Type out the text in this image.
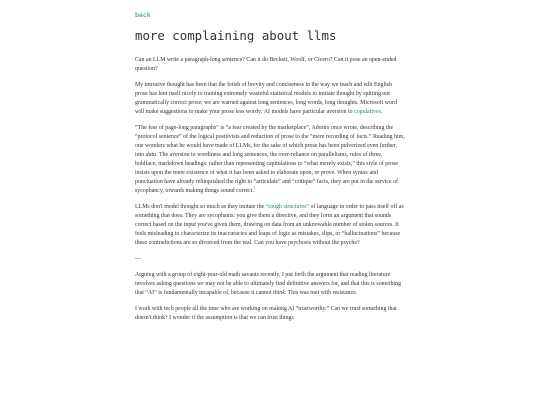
back
more complaining about llms

Can an LLM write a paragraph-long sentence? Can it do Beckett, Woolf, or Cicero? Can it pose an open-ended question?

My intrusive thought has been that the fetish of brevity and conciseness in the way we teach and edit English prose has lent itself nicely to training extremely wasteful statistical models to imitate thought by spitting out grammatically correct prose; we are warned against long sentences, long words, long thoughts. Microsoft word will make suggestions to make your prose less wordy; AI models have particular aversion to copulatives.

“The fear of page-long paragraphs” is “a fear created by the marketplace”, Adorno once wrote, describing the “protocol sentence” of the logical positivists and reduction of prose to the “mere recording of facts.” Reading him, one wonders what he would have made of LLMs, for the sake of which prose has been pulverized even further, into data. The aversion to wordiness and long sentences, the over-reliance on parallelisms, rules of three, boldface, markdown headings: rather than representing capitulations to “what merely exists,” this style of prose insists upon the mere existence of what it has been asked to elaborate upon, or prove. When syntax and punctuation have already relinquished the right to “articulate” and “critique” facts, they are put in the service of sycophancy, towards making things sound correct.$^1$

LLMs don't model thought so much as they imitate the “rough structures” of language in order to pass itself off as something that does. They are sycophants: you give them a directive, and they form an argument that sounds correct based on the input you've given them, drawing on data from an unknowable number of stolen sources. It feels misleading to characterize its inaccuracies and leaps of logic as mistakes, slips, or “hallucinations” because these contradictions are so divorced from the real. Can you have psychosis without the psyche?

—

Arguing with a group of eight-year-old math savants recently, I put forth the argument that reading literature involves asking questions we may not be able to ultimately find definitive answers for, and that this is something that “AI” is fundamentally incapable of, because it cannot think. This was met with resistance.

I work with tech people all the time who are working on making AI “trustworthy.” Can we trust something that doesn't think? I wonder if the assumption is that we can trust things
